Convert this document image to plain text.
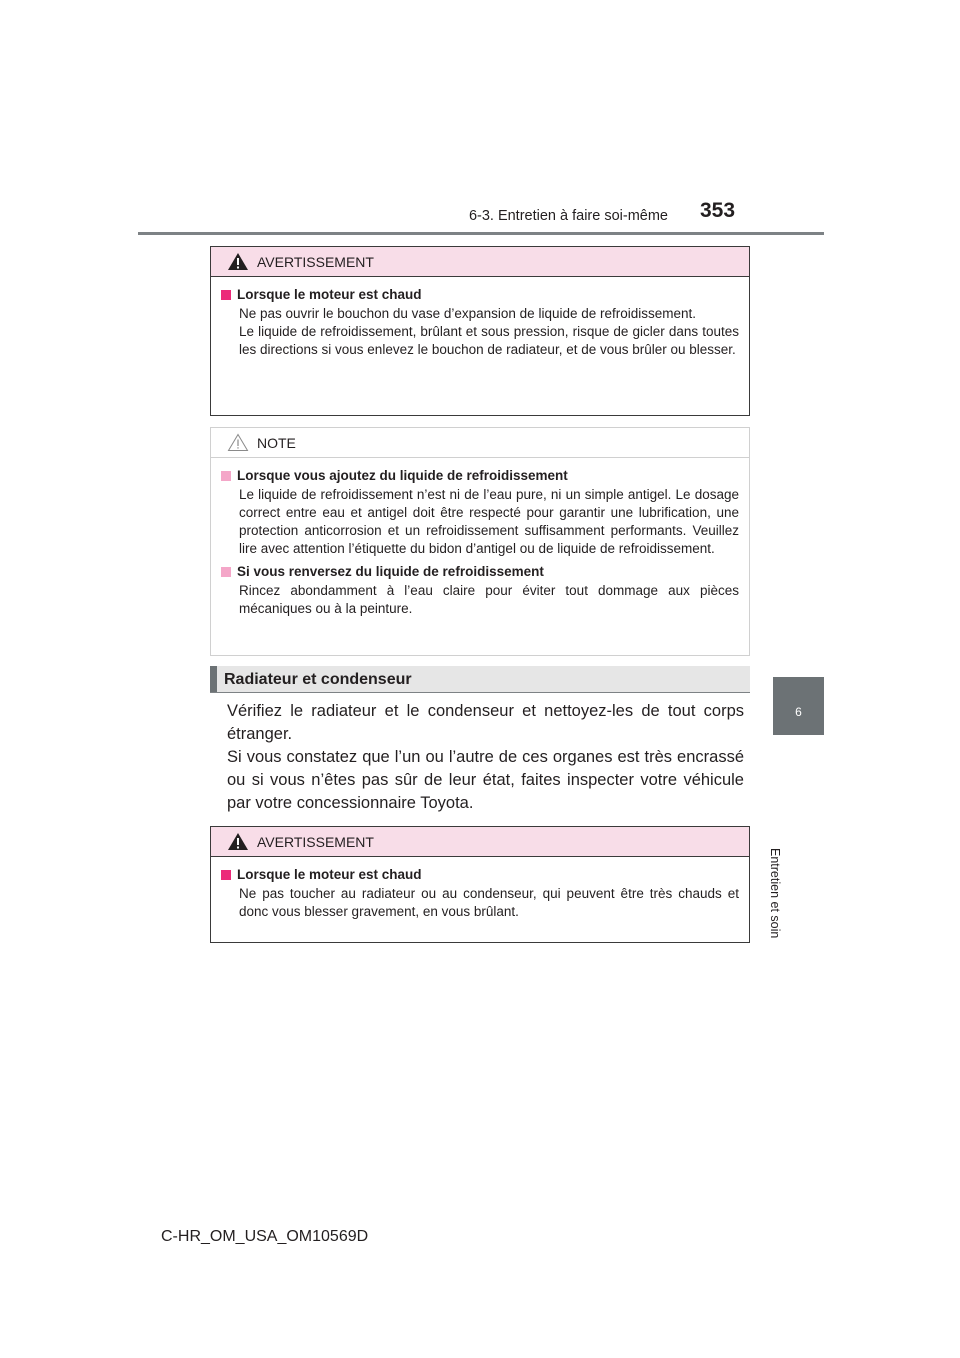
6-3. Entretien à faire soi-même 353
6
Entretien et soin
AVERTISSEMENT
Lorsque le moteur est chaud

Ne pas ouvrir le bouchon du vase d’expansion de liquide de refroidissement.

Le liquide de refroidissement, brûlant et sous pression, risque de gicler dans toutes les directions si vous enlevez le bouchon de radiateur, et de vous brûler ou blesser.

NOTE
Lorsque vous ajoutez du liquide de refroidissement

Le liquide de refroidissement n’est ni de l’eau pure, ni un simple antigel. Le dosage correct entre eau et antigel doit être respecté pour garantir une lubrification, une protection anticorrosion et un refroidissement suffisamment performants. Veuillez lire avec attention l’étiquette du bidon d’antigel ou de liquide de refroidissement.

Si vous renversez du liquide de refroidissement

Rincez abondamment à l’eau claire pour éviter tout dommage aux pièces mécaniques ou à la peinture.

Radiateur et condenseur

Vérifiez le radiateur et le condenseur et nettoyez-les de tout corps étranger.

Si vous constatez que l’un ou l’autre de ces organes est très encrassé ou si vous n’êtes pas sûr de leur état, faites inspecter votre véhicule par votre concessionnaire Toyota.

AVERTISSEMENT
Lorsque le moteur est chaud

Ne pas toucher au radiateur ou au condenseur, qui peuvent être très chauds et donc vous blesser gravement, en vous brûlant.

C-HR_OM_USA_OM10569D
